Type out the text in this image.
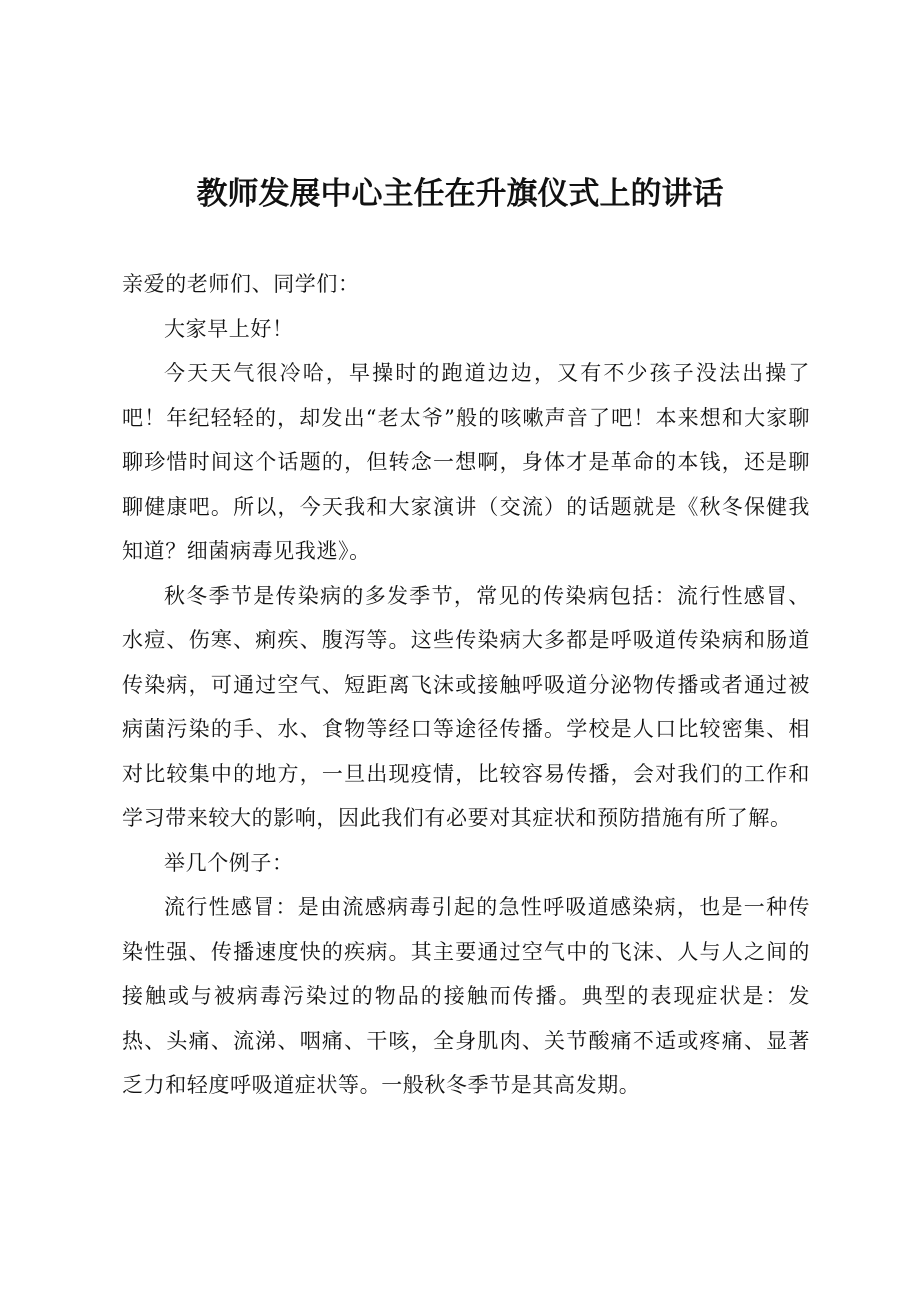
教师发展中心主任在升旗仪式上的讲话

亲爱的老师们、同学们：

大家早上好！

今天天气很冷哈，早操时的跑道边边，又有不少孩子没法出操了吧！年纪轻轻的，却发出“老太爷”般的咳嗽声音了吧！本来想和大家聊聊珍惜时间这个话题的，但转念一想啊，身体才是革命的本钱，还是聊聊健康吧。所以，今天我和大家演讲（交流）的话题就是《秋冬保健我知道？细菌病毒见我逃》。

秋冬季节是传染病的多发季节，常见的传染病包括：流行性感冒、水痘、伤寒、痢疾、腹泻等。这些传染病大多都是呼吸道传染病和肠道传染病，可通过空气、短距离飞沫或接触呼吸道分泌物传播或者通过被病菌污染的手、水、食物等经口等途径传播。学校是人口比较密集、相对比较集中的地方，一旦出现疫情，比较容易传播，会对我们的工作和学习带来较大的影响，因此我们有必要对其症状和预防措施有所了解。

举几个例子：

流行性感冒：是由流感病毒引起的急性呼吸道感染病，也是一种传染性强、传播速度快的疾病。其主要通过空气中的飞沫、人与人之间的接触或与被病毒污染过的物品的接触而传播。典型的表现症状是：发热、头痛、流涕、咽痛、干咳，全身肌肉、关节酸痛不适或疼痛、显著乏力和轻度呼吸道症状等。一般秋冬季节是其高发期。
